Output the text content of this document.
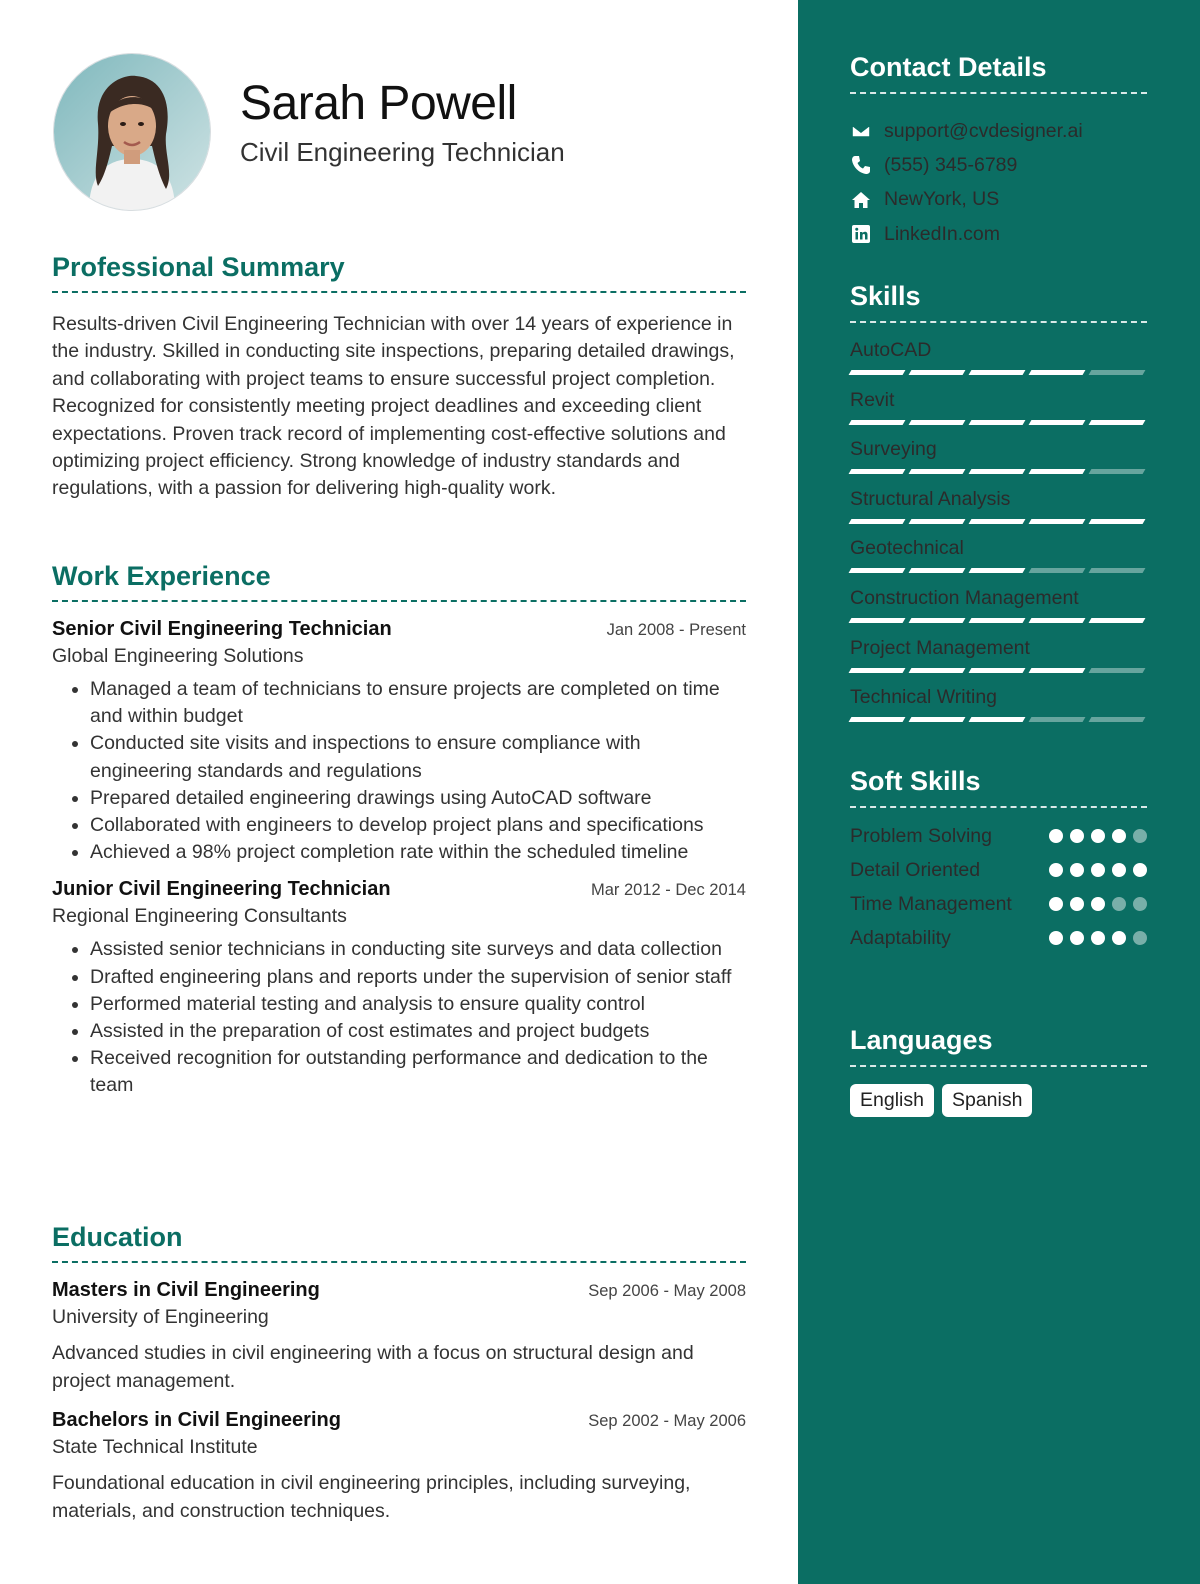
Sarah Powell

Civil Engineering Technician

Professional Summary

Results-driven Civil Engineering Technician with over 14 years of experience in the industry. Skilled in conducting site inspections, preparing detailed drawings, and collaborating with project teams to ensure successful project completion. Recognized for consistently meeting project deadlines and exceeding client expectations. Proven track record of implementing cost-effective solutions and optimizing project efficiency. Strong knowledge of industry standards and regulations, with a passion for delivering high-quality work.

Work Experience
Senior Civil Engineering Technician	Jan 2008 - Present
Global Engineering Solutions
• Managed a team of technicians to ensure projects are completed on time and within budget
• Conducted site visits and inspections to ensure compliance with engineering standards and regulations
• Prepared detailed engineering drawings using AutoCAD software
• Collaborated with engineers to develop project plans and specifications
• Achieved a 98% project completion rate within the scheduled timeline
Junior Civil Engineering Technician	Mar 2012 - Dec 2014
Regional Engineering Consultants
• Assisted senior technicians in conducting site surveys and data collection
• Drafted engineering plans and reports under the supervision of senior staff
• Performed material testing and analysis to ensure quality control
• Assisted in the preparation of cost estimates and project budgets
• Received recognition for outstanding performance and dedication to the team
Education
Masters in Civil Engineering	Sep 2006 - May 2008
University of Engineering
Advanced studies in civil engineering with a focus on structural design and project management.
Bachelors in Civil Engineering	Sep 2002 - May 2006
State Technical Institute
Foundational education in civil engineering principles, including surveying, materials, and construction techniques.
Contact Details
support@cvdesigner.ai
(555) 345-6789
NewYork, US
LinkedIn.com
Skills
AutoCAD
Revit
Surveying
Structural Analysis
Geotechnical
Construction Management
Project Management
Technical Writing
Soft Skills
Problem Solving
Detail Oriented
Time Management
Adaptability
Languages
English	Spanish
